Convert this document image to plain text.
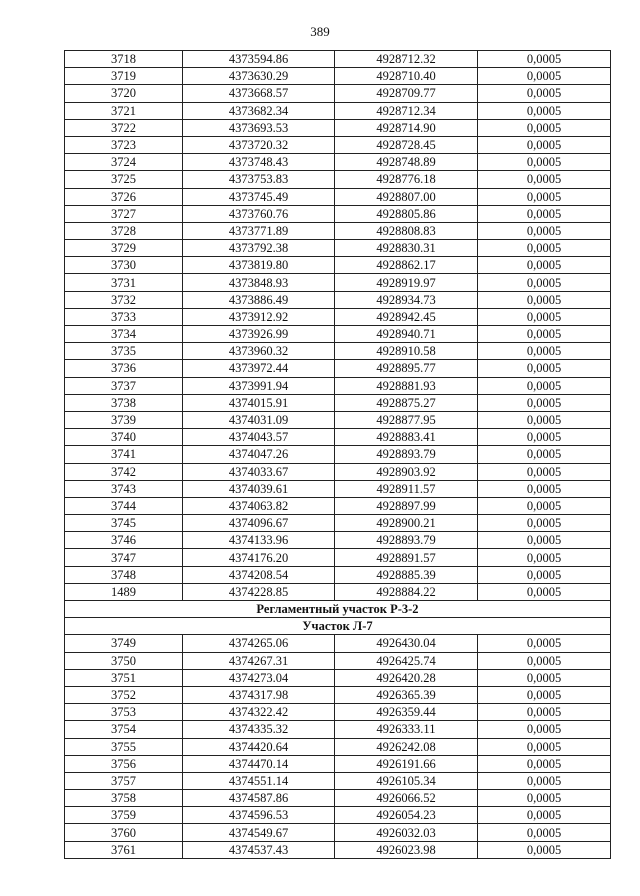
389
3718	4373594.86	4928712.32	0,0005
3719	4373630.29	4928710.40	0,0005
3720	4373668.57	4928709.77	0,0005
3721	4373682.34	4928712.34	0,0005
3722	4373693.53	4928714.90	0,0005
3723	4373720.32	4928728.45	0,0005
3724	4373748.43	4928748.89	0,0005
3725	4373753.83	4928776.18	0,0005
3726	4373745.49	4928807.00	0,0005
3727	4373760.76	4928805.86	0,0005
3728	4373771.89	4928808.83	0,0005
3729	4373792.38	4928830.31	0,0005
3730	4373819.80	4928862.17	0,0005
3731	4373848.93	4928919.97	0,0005
3732	4373886.49	4928934.73	0,0005
3733	4373912.92	4928942.45	0,0005
3734	4373926.99	4928940.71	0,0005
3735	4373960.32	4928910.58	0,0005
3736	4373972.44	4928895.77	0,0005
3737	4373991.94	4928881.93	0,0005
3738	4374015.91	4928875.27	0,0005
3739	4374031.09	4928877.95	0,0005
3740	4374043.57	4928883.41	0,0005
3741	4374047.26	4928893.79	0,0005
3742	4374033.67	4928903.92	0,0005
3743	4374039.61	4928911.57	0,0005
3744	4374063.82	4928897.99	0,0005
3745	4374096.67	4928900.21	0,0005
3746	4374133.96	4928893.79	0,0005
3747	4374176.20	4928891.57	0,0005
3748	4374208.54	4928885.39	0,0005
1489	4374228.85	4928884.22	0,0005
Регламентный участок Р-3-2			
Участок Л-7			
3749	4374265.06	4926430.04	0,0005
3750	4374267.31	4926425.74	0,0005
3751	4374273.04	4926420.28	0,0005
3752	4374317.98	4926365.39	0,0005
3753	4374322.42	4926359.44	0,0005
3754	4374335.32	4926333.11	0,0005
3755	4374420.64	4926242.08	0,0005
3756	4374470.14	4926191.66	0,0005
3757	4374551.14	4926105.34	0,0005
3758	4374587.86	4926066.52	0,0005
3759	4374596.53	4926054.23	0,0005
3760	4374549.67	4926032.03	0,0005
3761	4374537.43	4926023.98	0,0005
